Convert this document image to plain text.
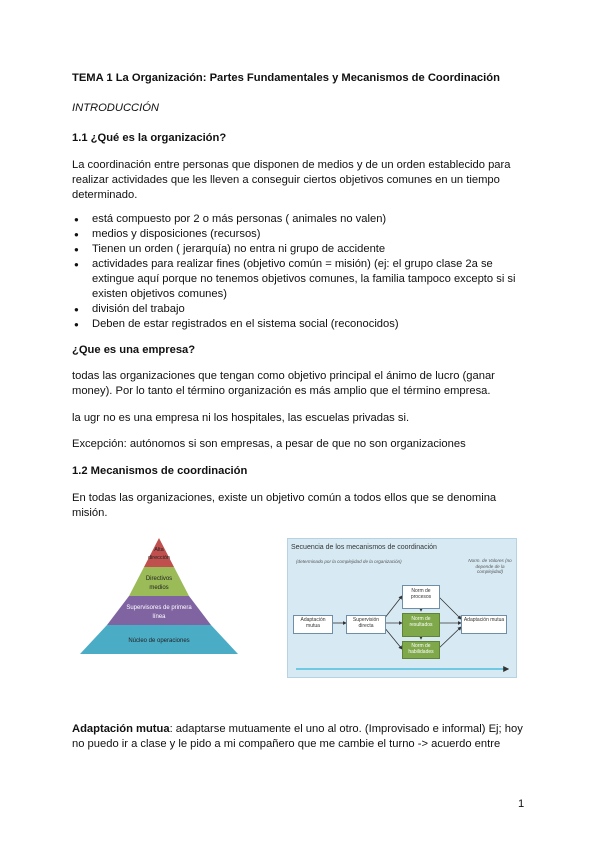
TEMA 1 La Organización: Partes Fundamentales y Mecanismos de Coordinación

INTRODUCCIÓN

1.1 ¿Qué es la organización?

La coordinación entre personas que disponen de medios y de un orden establecido para realizar actividades que les lleven a conseguir ciertos objetivos comunes en un tiempo determinado.

● está compuesto por 2 o más personas ( animales no valen)
● medios y disposiciones (recursos)
● Tienen un orden ( jerarquía) no entra ni grupo de accidente
● actividades para realizar fines (objetivo común = misión) (ej: el grupo clase 2a se extingue aquí porque no tenemos objetivos comunes, la familia tampoco excepto si si existen objetivos comunes)
● división del trabajo
● Deben de estar registrados en el sistema social (reconocidos)

¿Que es una empresa?

todas las organizaciones que tengan como objetivo principal el ánimo de lucro (ganar money). Por lo tanto el término organización es más amplio que el término empresa.

la ugr no es una empresa ni los hospitales, las escuelas privadas si.

Excepción: autónomos si son empresas, a pesar de que no son organizaciones

1.2 Mecanismos de coordinación

En todas las organizaciones, existe un objetivo común a todos ellos que se denomina misión.

Alta
dirección
Directivos
medios
Supervisores de primera
línea
Núcleo de operaciones
Secuencia de los mecanismos de coordinación
(determinado por la complejidad de la organización)	Norm. de Valores (no depende de la complejidad)
Adaptación mutua
Supervisión directa
Norm de procesos
Norm de resultados
Norm de habilidades
Adaptación mutua

Adaptación mutua: adaptarse mutuamente el uno al otro. (Improvisado e informal) Ej; hoy no puedo ir a clase y le pido a mi compañero que me cambie el turno -> acuerdo entre

1
